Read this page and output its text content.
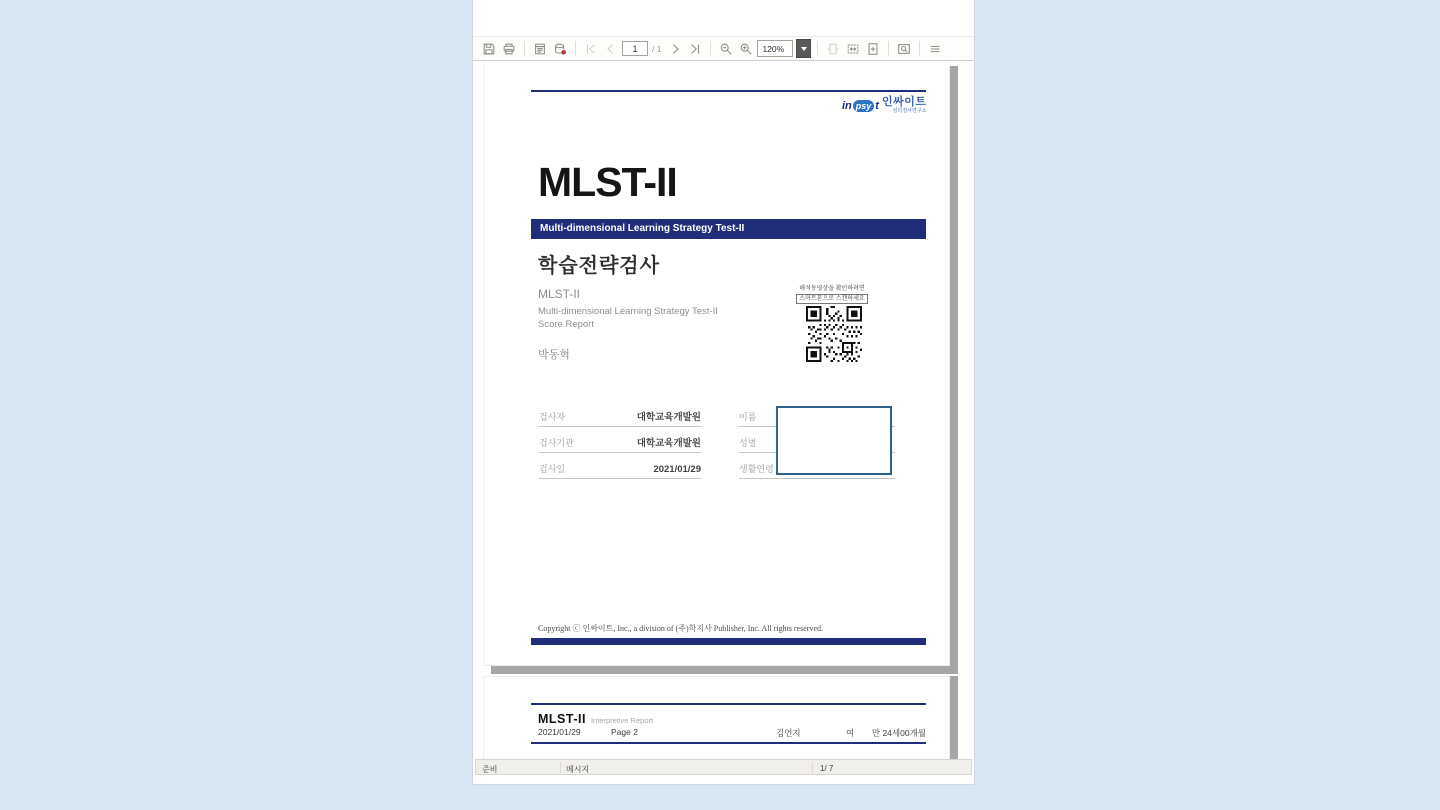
1
/ 1	120%
in psy t 인싸이트
심리검사연구소
MLST-II
Multi-dimensional Learning Strategy Test-II
학습전략검사
MLST-II
Multi-dimensional Learning Strategy Test-II
Score Report
박동혁
해석동영상을 확인하려면
스마트폰으로 스캔하세요
검사자	대학교육개발원
검사기관	대학교육개발원
검사일	2021/01/29
이름
성별
생활연령
Copyright ⓒ 인싸이트, Inc., a division of (주)학지사 Publisher, Inc. All rights reserved.
MLST-II Interpretive Report
2021/01/29	Page 2	김언지	여 만 24세00개월
준비	메시지	1/ 7
